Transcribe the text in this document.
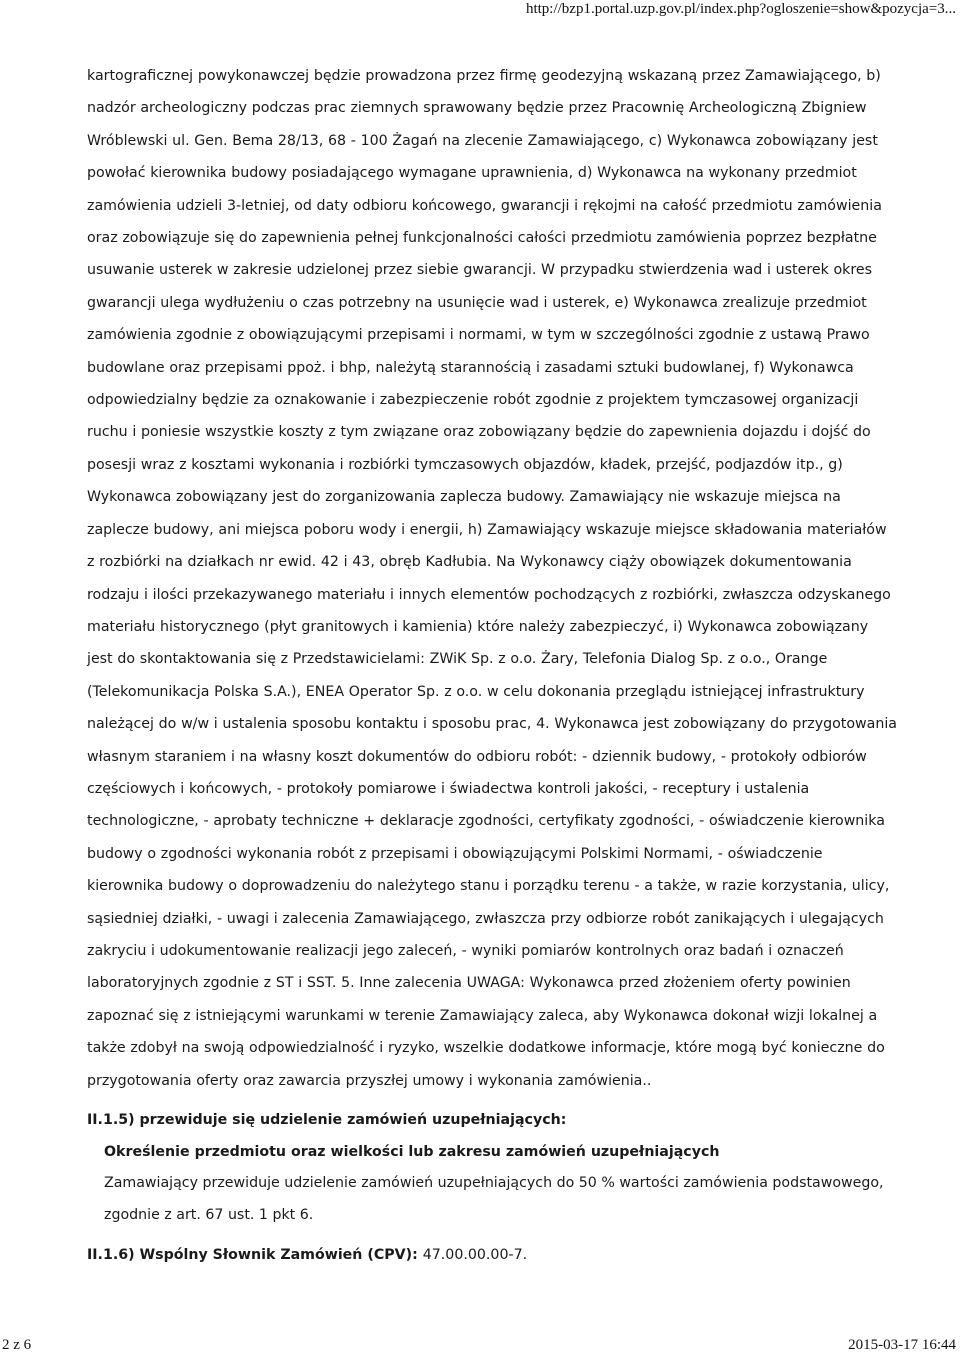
http://bzp1.portal.uzp.gov.pl/index.php?ogloszenie=show&pozycja=3...

kartograficznej powykonawczej będzie prowadzona przez firmę geodezyjną wskazaną przez Zamawiającego, b) nadzór archeologiczny podczas prac ziemnych sprawowany będzie przez Pracownię Archeologiczną Zbigniew Wróblewski ul. Gen. Bema 28/13, 68 - 100 Żagań na zlecenie Zamawiającego, c) Wykonawca zobowiązany jest powołać kierownika budowy posiadającego wymagane uprawnienia, d) Wykonawca na wykonany przedmiot zamówienia udzieli 3-letniej, od daty odbioru końcowego, gwarancji i rękojmi na całość przedmiotu zamówienia oraz zobowiązuje się do zapewnienia pełnej funkcjonalności całości przedmiotu zamówienia poprzez bezpłatne usuwanie usterek w zakresie udzielonej przez siebie gwarancji. W przypadku stwierdzenia wad i usterek okres gwarancji ulega wydłużeniu o czas potrzebny na usunięcie wad i usterek, e) Wykonawca zrealizuje przedmiot zamówienia zgodnie z obowiązującymi przepisami i normami, w tym w szczególności zgodnie z ustawą Prawo budowlane oraz przepisami ppoż. i bhp, należytą starannością i zasadami sztuki budowlanej, f) Wykonawca odpowiedzialny będzie za oznakowanie i zabezpieczenie robót zgodnie z projektem tymczasowej organizacji ruchu i poniesie wszystkie koszty z tym związane oraz zobowiązany będzie do zapewnienia dojazdu i dojść do posesji wraz z kosztami wykonania i rozbiórki tymczasowych objazdów, kładek, przejść, podjazdów itp., g) Wykonawca zobowiązany jest do zorganizowania zaplecza budowy. Zamawiający nie wskazuje miejsca na zaplecze budowy, ani miejsca poboru wody i energii, h) Zamawiający wskazuje miejsce składowania materiałów z rozbiórki na działkach nr ewid. 42 i 43, obręb Kadłubia. Na Wykonawcy ciąży obowiązek dokumentowania rodzaju i ilości przekazywanego materiału i innych elementów pochodzących z rozbiórki, zwłaszcza odzyskanego materiału historycznego (płyt granitowych i kamienia) które należy zabezpieczyć, i) Wykonawca zobowiązany jest do skontaktowania się z Przedstawicielami: ZWiK Sp. z o.o. Żary, Telefonia Dialog Sp. z o.o., Orange (Telekomunikacja Polska S.A.), ENEA Operator Sp. z o.o. w celu dokonania przeglądu istniejącej infrastruktury należącej do w/w i ustalenia sposobu kontaktu i sposobu prac, 4. Wykonawca jest zobowiązany do przygotowania własnym staraniem i na własny koszt dokumentów do odbioru robót: - dziennik budowy, - protokoły odbiorów częściowych i końcowych, - protokoły pomiarowe i świadectwa kontroli jakości, - receptury i ustalenia technologiczne, - aprobaty techniczne + deklaracje zgodności, certyfikaty zgodności, - oświadczenie kierownika budowy o zgodności wykonania robót z przepisami i obowiązującymi Polskimi Normami, - oświadczenie kierownika budowy o doprowadzeniu do należytego stanu i porządku terenu - a także, w razie korzystania, ulicy, sąsiedniej działki, - uwagi i zalecenia Zamawiającego, zwłaszcza przy odbiorze robót zanikających i ulegających zakryciu i udokumentowanie realizacji jego zaleceń, - wyniki pomiarów kontrolnych oraz badań i oznaczeń laboratoryjnych zgodnie z ST i SST. 5. Inne zalecenia UWAGA: Wykonawca przed złożeniem oferty powinien zapoznać się z istniejącymi warunkami w terenie Zamawiający zaleca, aby Wykonawca dokonał wizji lokalnej a także zdobył na swoją odpowiedzialność i ryzyko, wszelkie dodatkowe informacje, które mogą być konieczne do przygotowania oferty oraz zawarcia przyszłej umowy i wykonania zamówienia..

II.1.5) przewiduje się udzielenie zamówień uzupełniających:

Określenie przedmiotu oraz wielkości lub zakresu zamówień uzupełniających

Zamawiający przewiduje udzielenie zamówień uzupełniających do 50 % wartości zamówienia podstawowego, zgodnie z art. 67 ust. 1 pkt 6.

II.1.6) Wspólny Słownik Zamówień (CPV): 47.00.00.00-7.

2 z 6	2015-03-17 16:44
